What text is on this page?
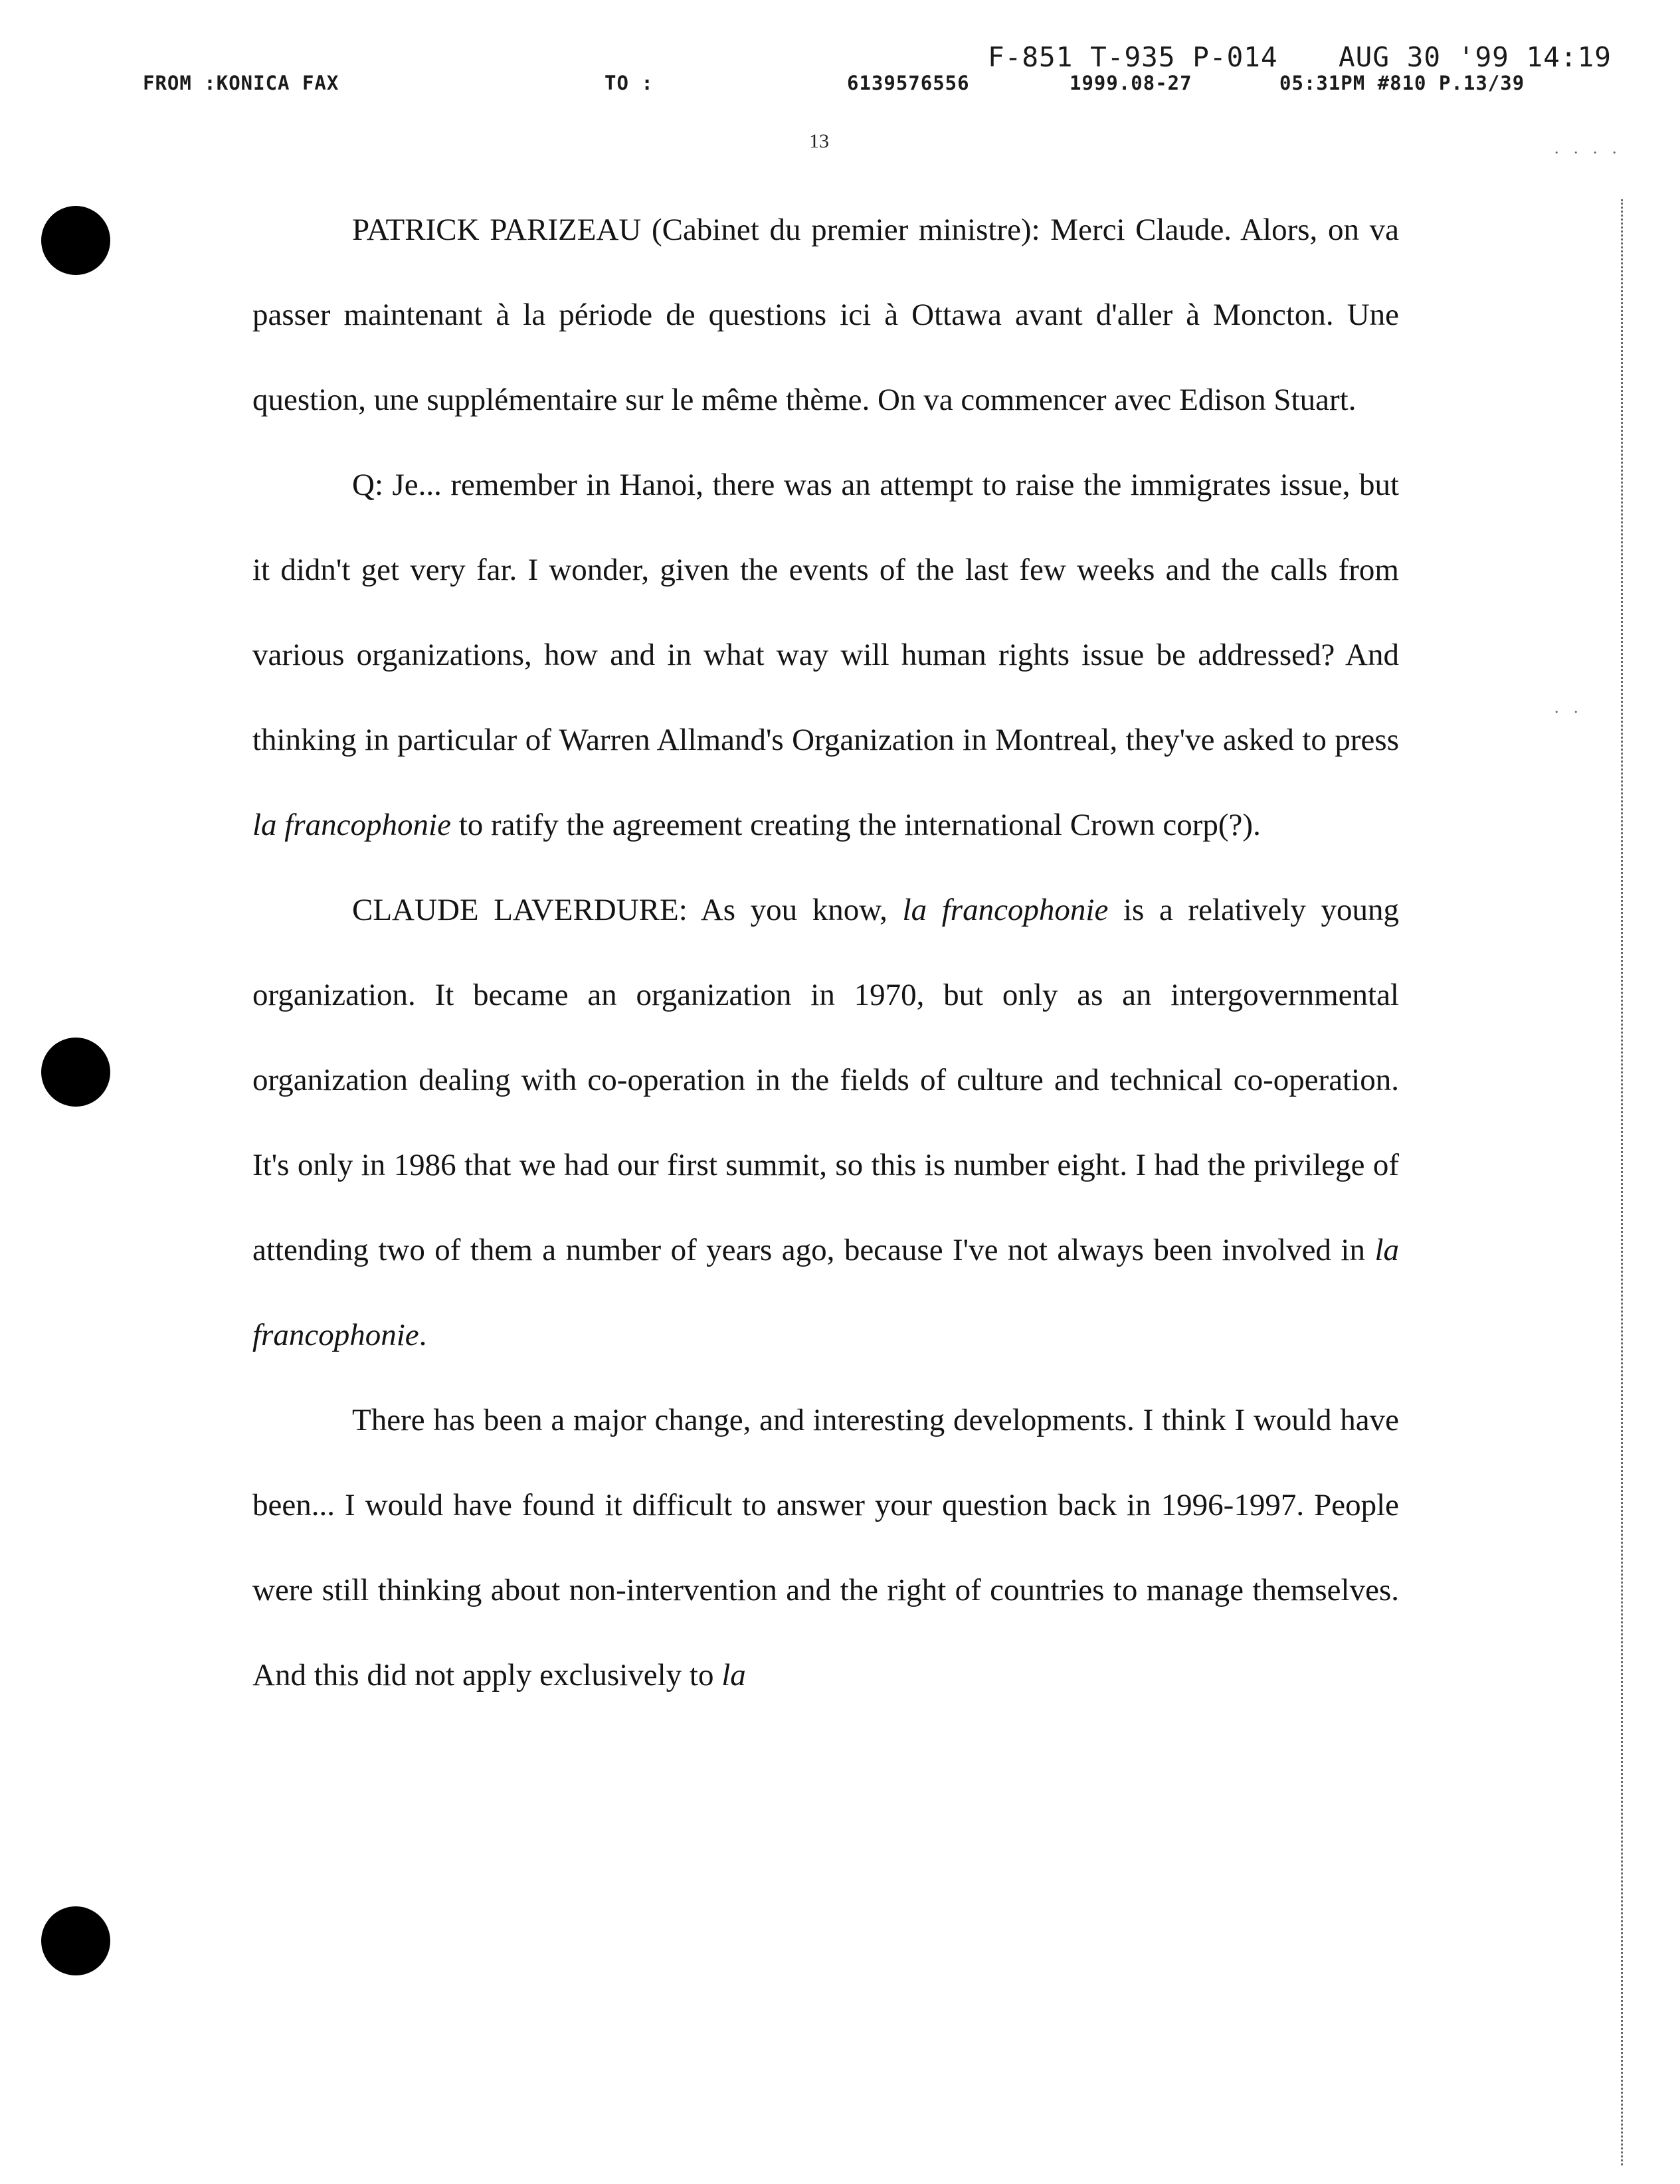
F-851 T-935 P-014 AUG 30 '99 14:19
FROM :KONICA FAX	TO :	6139576556	1999.08-27	05:31PM #810 P.13/39
13	. . . .
. .

PATRICK PARIZEAU (Cabinet du premier ministre): Merci Claude. Alors, on va passer maintenant à la période de questions ici à Ottawa avant d'aller à Moncton. Une question, une supplémentaire sur le même thème. On va commencer avec Edison Stuart.

Q: Je... remember in Hanoi, there was an attempt to raise the immigrates issue, but it didn't get very far. I wonder, given the events of the last few weeks and the calls from various organizations, how and in what way will human rights issue be addressed? And thinking in particular of Warren Allmand's Organization in Montreal, they've asked to press la francophonie to ratify the agreement creating the international Crown corp(?).

CLAUDE LAVERDURE: As you know, la francophonie is a relatively young organization. It became an organization in 1970, but only as an intergovernmental organization dealing with co-operation in the fields of culture and technical co-operation. It's only in 1986 that we had our first summit, so this is number eight. I had the privilege of attending two of them a number of years ago, because I've not always been involved in la francophonie.

There has been a major change, and interesting developments. I think I would have been... I would have found it difficult to answer your question back in 1996-1997. People were still thinking about non-intervention and the right of countries to manage themselves. And this did not apply exclusively to la
